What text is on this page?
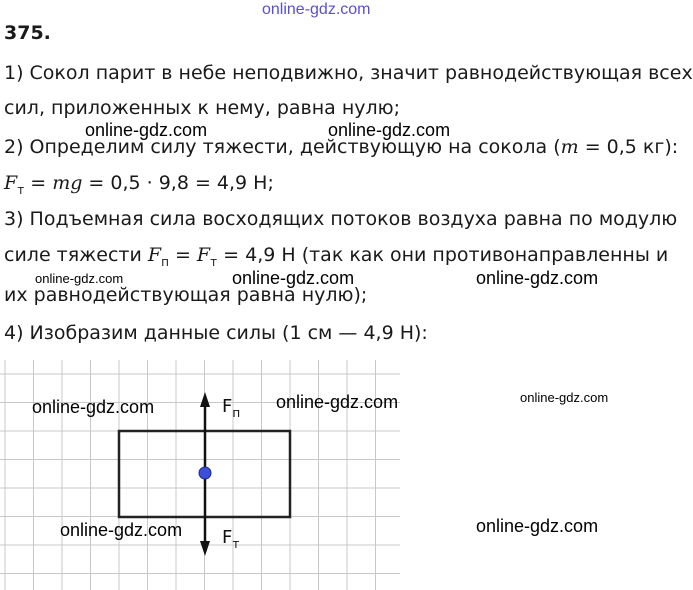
online-gdz.com
375.
1) Сокол парит в небе неподвижно, значит равнодействующая всех
сил, приложенных к нему, равна нулю;
2) Определим силу тяжести, действующую на сокола (m = 0,5 кг):
$F_т$ = mg = 0,5 · 9,8 = 4,9 Н;
3) Подъемная сила восходящих потоков воздуха равна по модулю
силе тяжести $F_п = F_т = 4,9$ Н (так как они противонаправленны и
их равнодействующая равна нулю);
4) Изобразим данные силы (1 см — 4,9 Н):
$F_п$
$F_т$
online-gdz.com	online-gdz.com
online-gdz.com	online-gdz.com	online-gdz.com
online-gdz.com	online-gdz.com	online-gdz.com
online-gdz.com	online-gdz.com
